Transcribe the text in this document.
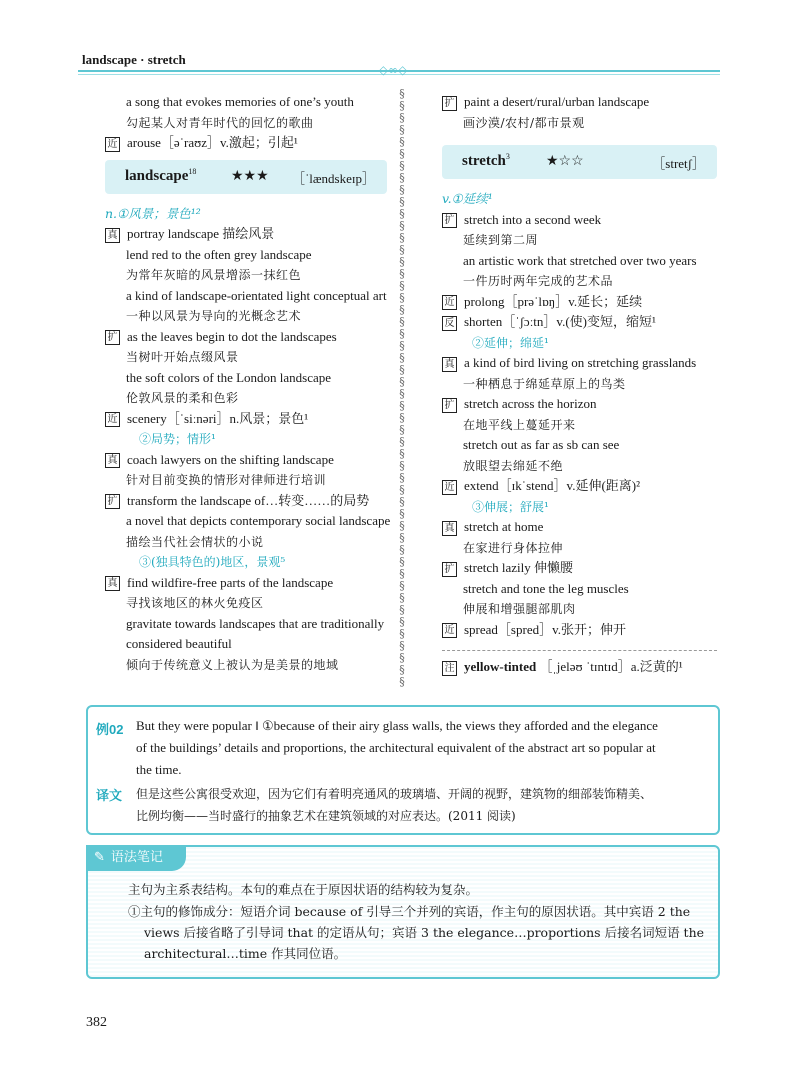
landscape · stretch
◇∞◇
§
§
§
§
§
§
§
§
§
§
§
§
§
§
§
§
§
§
§
§
§
§
§
§
§
§
§
§
§
§
§
§
§
§
§
§
§
§
§
§
§
§
§
§
§
§
§
§
§
§
a song that evokes memories of one’s youth
勾起某人对青年时代的回忆的歌曲
近 arouse［əˈraʊz］v.激起；引起¹
landscape$^{18}$ ★★★ ［ˈlændskeɪp］
n.①风景；景色¹²
真 portray landscape 描绘风景
lend red to the often grey landscape
为常年灰暗的风景增添一抹红色
a kind of landscape-orientated light conceptual art
一种以风景为导向的光概念艺术
扩 as the leaves begin to dot the landscapes
当树叶开始点缀风景
the soft colors of the London landscape
伦敦风景的柔和色彩
近 scenery［ˈsiːnəri］n.风景；景色¹
②局势；情形¹
真 coach lawyers on the shifting landscape
针对目前变换的情形对律师进行培训
扩 transform the landscape of…转变……的局势
a novel that depicts contemporary social landscape
描绘当代社会情状的小说
③(独具特色的)地区，景观⁵
真 find wildfire-free parts of the landscape
寻找该地区的林火免疫区
gravitate towards landscapes that are traditionally
considered beautiful
倾向于传统意义上被认为是美景的地域
扩 paint a desert/rural/urban landscape
画沙漠/农村/都市景观
stretch$^3$	★☆☆	［stretʃ］
v.①延续¹
扩 stretch into a second week
延续到第二周
an artistic work that stretched over two years
一件历时两年完成的艺术品
近 prolong［prəˈlɒŋ］v.延长；延续
反 shorten［ˈʃɔːtn］v.(使)变短，缩短¹
②延伸；绵延¹
真 a kind of bird living on stretching grasslands
一种栖息于绵延草原上的鸟类
扩 stretch across the horizon
在地平线上蔓延开来
stretch out as far as sb can see
放眼望去绵延不绝
近 extend［ɪkˈstend］v.延伸(距离)²
③伸展；舒展¹
真 stretch at home
在家进行身体拉伸
扩 stretch lazily 伸懒腰
stretch and tone the leg muscles
伸展和增强腿部肌肉
近 spread［spred］v.张开；伸开
注 yellow-tinted ［ˌjeləʊ ˈtɪntɪd］a.泛黄的¹
例02 But they were popular ‖ ①because of their airy glass walls, the views they afforded and the elegance
of the buildings’ details and proportions, the architectural equivalent of the abstract art so popular at
the time.
译文 但是这些公寓很受欢迎，因为它们有着明亮通风的玻璃墙、开阔的视野，建筑物的细部装饰精美、
比例均衡——当时盛行的抽象艺术在建筑领域的对应表达。(2011 阅读)
主句为主系表结构。本句的难点在于原因状语的结构较为复杂。
①主句的修饰成分：短语介词 because of 引导三个并列的宾语，作主句的原因状语。其中宾语 2 the
views 后接省略了引导词 that 的定语从句；宾语 3 the elegance…proportions 后接名词短语 the
architectural…time 作其同位语。
✎ 语法笔记
382
